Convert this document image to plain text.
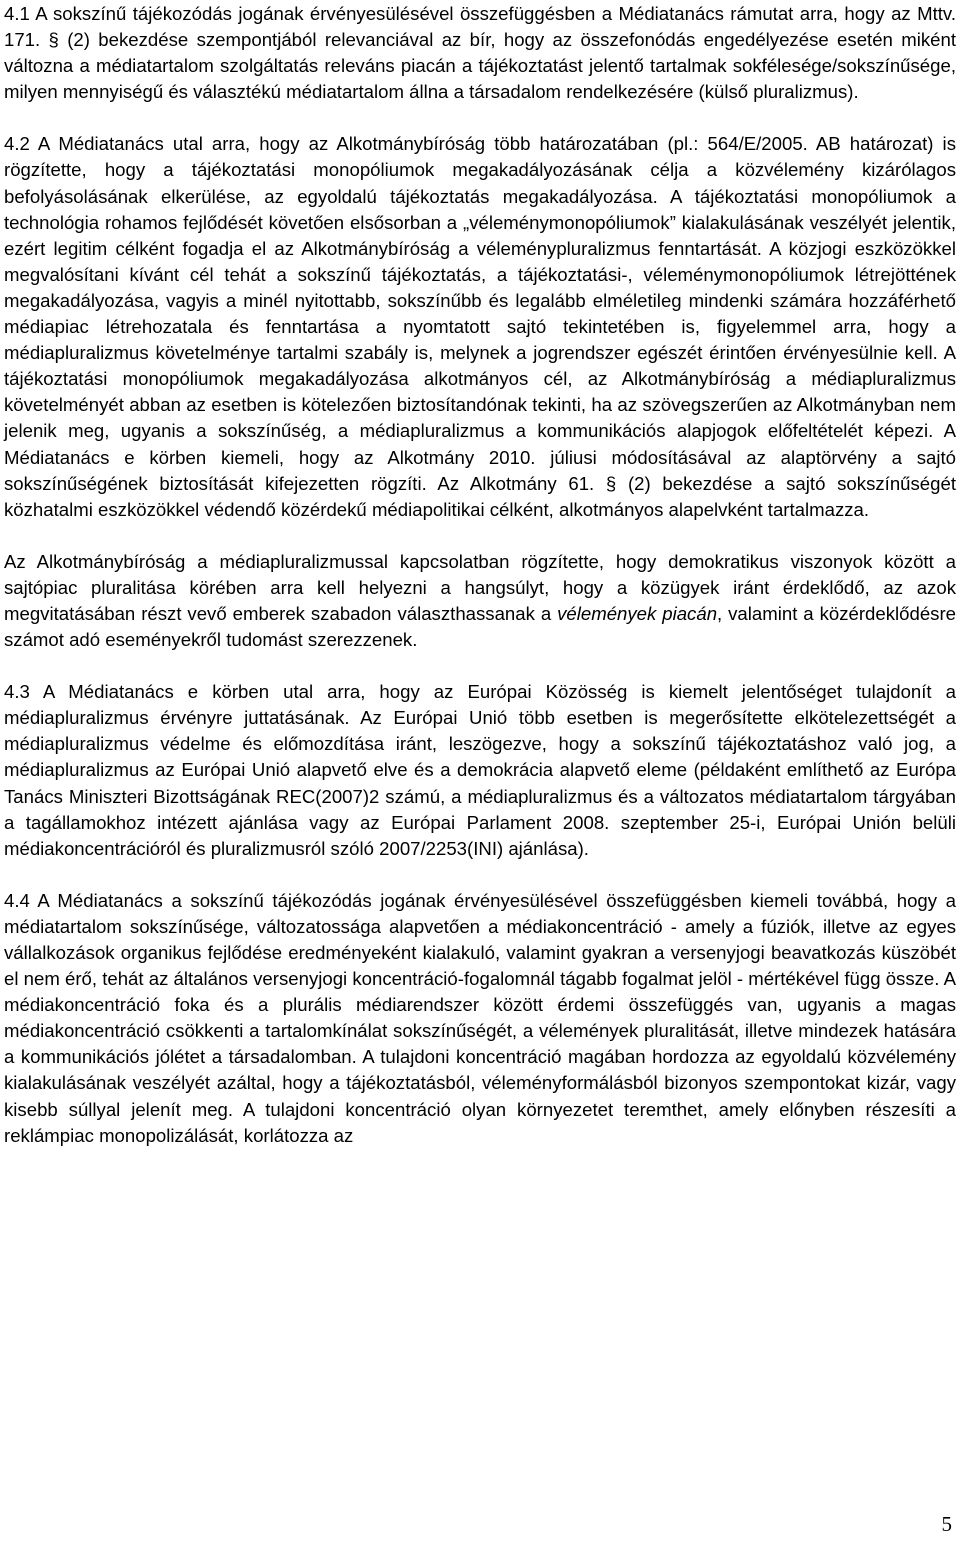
4.1 A sokszínű tájékozódás jogának érvényesülésével összefüggésben a Médiatanács rámutat arra, hogy az Mttv. 171. § (2) bekezdése szempontjából relevanciával az bír, hogy az összefonódás engedélyezése esetén miként változna a médiatartalom szolgáltatás releváns piacán a tájékoztatást jelentő tartalmak sokfélesége/sokszínűsége, milyen mennyiségű és választékú médiatartalom állna a társadalom rendelkezésére (külső pluralizmus).

4.2 A Médiatanács utal arra, hogy az Alkotmánybíróság több határozatában (pl.: 564/E/2005. AB határozat) is rögzítette, hogy a tájékoztatási monopóliumok megakadályozásának célja a közvélemény kizárólagos befolyásolásának elkerülése, az egyoldalú tájékoztatás megakadályozása. A tájékoztatási monopóliumok a technológia rohamos fejlődését követően elsősorban a „véleménymonopóliumok” kialakulásának veszélyét jelentik, ezért legitim célként fogadja el az Alkotmánybíróság a véleménypluralizmus fenntartását. A közjogi eszközökkel megvalósítani kívánt cél tehát a sokszínű tájékoztatás, a tájékoztatási-, véleménymonopóliumok létrejöttének megakadályozása, vagyis a minél nyitottabb, sokszínűbb és legalább elméletileg mindenki számára hozzáférhető médiapiac létrehozatala és fenntartása a nyomtatott sajtó tekintetében is, figyelemmel arra, hogy a médiapluralizmus követelménye tartalmi szabály is, melynek a jogrendszer egészét érintően érvényesülnie kell. A tájékoztatási monopóliumok megakadályozása alkotmányos cél, az Alkotmánybíróság a médiapluralizmus követelményét abban az esetben is kötelezően biztosítandónak tekinti, ha az szövegszerűen az Alkotmányban nem jelenik meg, ugyanis a sokszínűség, a médiapluralizmus a kommunikációs alapjogok előfeltételét képezi. A Médiatanács e körben kiemeli, hogy az Alkotmány 2010. júliusi módosításával az alaptörvény a sajtó sokszínűségének biztosítását kifejezetten rögzíti. Az Alkotmány 61. § (2) bekezdése a sajtó sokszínűségét közhatalmi eszközökkel védendő közérdekű médiapolitikai célként, alkotmányos alapelvként tartalmazza.

Az Alkotmánybíróság a médiapluralizmussal kapcsolatban rögzítette, hogy demokratikus viszonyok között a sajtópiac pluralitása körében arra kell helyezni a hangsúlyt, hogy a közügyek iránt érdeklődő, az azok megvitatásában részt vevő emberek szabadon választhassanak a vélemények piacán, valamint a közérdeklődésre számot adó eseményekről tudomást szerezzenek.

4.3 A Médiatanács e körben utal arra, hogy az Európai Közösség is kiemelt jelentőséget tulajdonít a médiapluralizmus érvényre juttatásának. Az Európai Unió több esetben is megerősítette elkötelezettségét a médiapluralizmus védelme és előmozdítása iránt, leszögezve, hogy a sokszínű tájékoztatáshoz való jog, a médiapluralizmus az Európai Unió alapvető elve és a demokrácia alapvető eleme (példaként említhető az Európa Tanács Miniszteri Bizottságának REC(2007)2 számú, a médiapluralizmus és a változatos médiatartalom tárgyában a tagállamokhoz intézett ajánlása vagy az Európai Parlament 2008. szeptember 25-i, Európai Unión belüli médiakoncentrációról és pluralizmusról szóló 2007/2253(INI) ajánlása).

4.4 A Médiatanács a sokszínű tájékozódás jogának érvényesülésével összefüggésben kiemeli továbbá, hogy a médiatartalom sokszínűsége, változatossága alapvetően a médiakoncentráció - amely a fúziók, illetve az egyes vállalkozások organikus fejlődése eredményeként kialakuló, valamint gyakran a versenyjogi beavatkozás küszöbét el nem érő, tehát az általános versenyjogi koncentráció-fogalomnál tágabb fogalmat jelöl - mértékével függ össze. A médiakoncentráció foka és a plurális médiarendszer között érdemi összefüggés van, ugyanis a magas médiakoncentráció csökkenti a tartalomkínálat sokszínűségét, a vélemények pluralitását, illetve mindezek hatására a kommunikációs jólétet a társadalomban. A tulajdoni koncentráció magában hordozza az egyoldalú közvélemény kialakulásának veszélyét azáltal, hogy a tájékoztatásból, véleményformálásból bizonyos szempontokat kizár, vagy kisebb súllyal jelenít meg. A tulajdoni koncentráció olyan környezetet teremthet, amely előnyben részesíti a reklámpiac monopolizálását, korlátozza az

5
